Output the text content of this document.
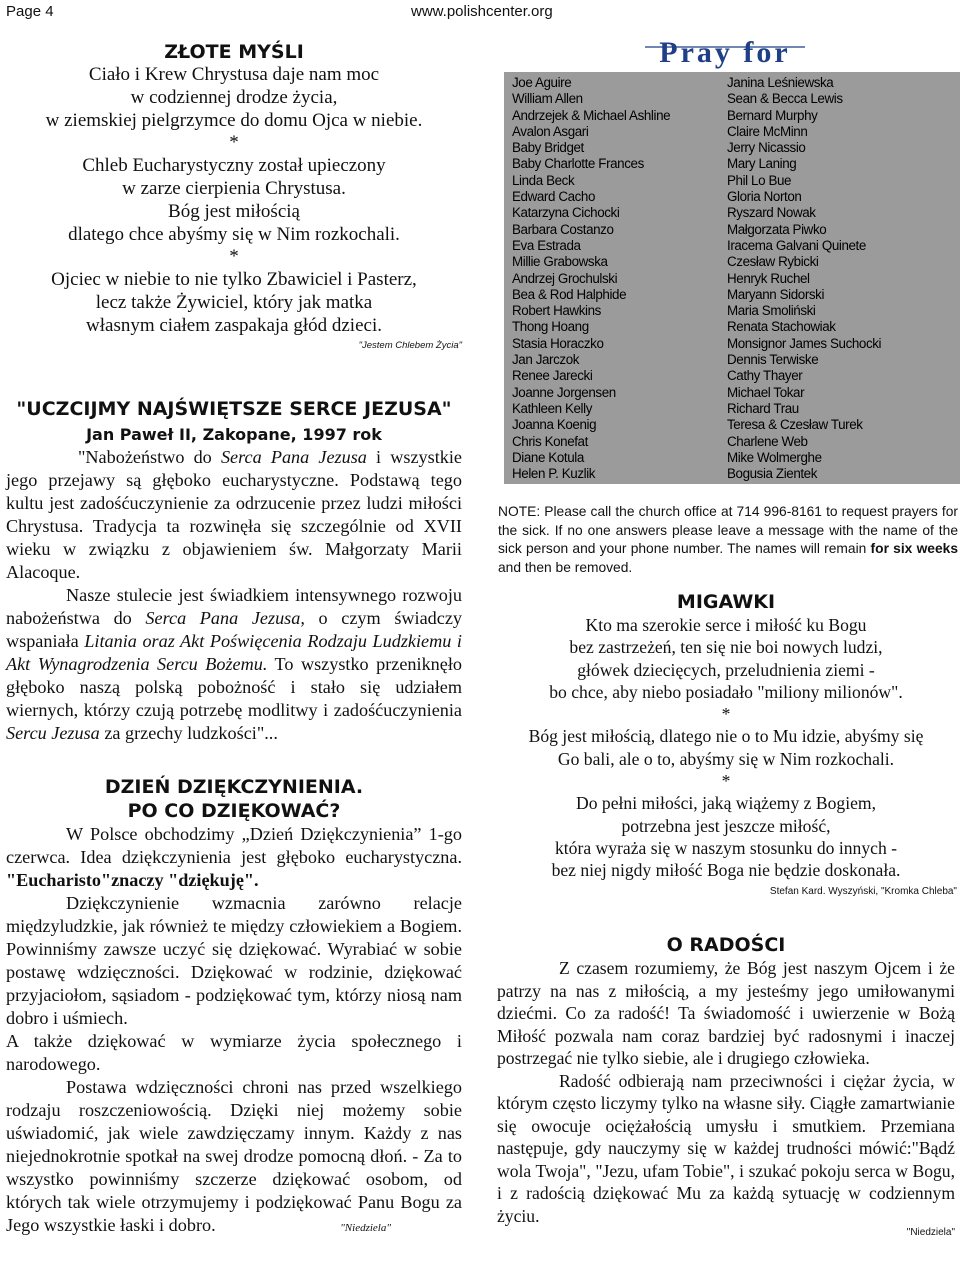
Page 4	www.polishcenter.org

ZŁOTE MYŚLI

Ciało i Krew Chrystusa daje nam moc

w codziennej drodze życia,

w ziemskiej pielgrzymce do domu Ojca w niebie.

*

Chleb Eucharystyczny został upieczony

w zarze cierpienia Chrystusa.

Bóg jest miłością

dlatego chce abyśmy się w Nim rozkochali.

*

Ojciec w niebie to nie tylko Zbawiciel i Pasterz,

lecz także Żywiciel, który jak matka

własnym ciałem zaspakaja głód dzieci.

"Jestem Chlebem Życia"

"UCZCIJMY NAJŚWIĘTSZE SERCE JEZUSA"

Jan Paweł II, Zakopane, 1997 rok

"Nabożeństwo do Serca Pana Jezusa i wszystkie jego przejawy są głęboko eucharystyczne. Podstawą tego kultu jest zadośćuczynienie za odrzucenie przez ludzi miłości Chrystusa. Tradycja ta rozwinęła się szczególnie od XVII wieku w związku z objawieniem św. Małgorzaty Marii Alacoque.

Nasze stulecie jest świadkiem intensywnego rozwoju nabożeństwa do Serca Pana Jezusa, o czym świadczy wspaniała Litania oraz Akt Poświęcenia Rodzaju Ludzkiemu i Akt Wynagrodzenia Sercu Bożemu. To wszystko przeniknęło głęboko naszą polską pobożność i stało się udziałem wiernych, którzy czują potrzebę modlitwy i zadośćuczynienia Sercu Jezusa za grzechy ludzkości"...

DZIEŃ DZIĘKCZYNIENIA.

PO CO DZIĘKOWAĆ?

W Polsce obchodzimy „Dzień Dziękczynienia” 1-go czerwca. Idea dziękczynienia jest głęboko eucharystyczna. "Eucharisto"znaczy "dziękuję".

Dziękczynienie wzmacnia zarówno relacje międzyludzkie, jak również te między człowiekiem a Bogiem. Powinniśmy zawsze uczyć się dziękować. Wyrabiać w sobie postawę wdzięczności. Dziękować w rodzinie, dziękować przyjaciołom, sąsiadom - podziękować tym, którzy niosą nam dobro i uśmiech.

A także dziękować w wymiarze życia społecznego i narodowego.

Postawa wdzięczności chroni nas przed wszelkiego rodzaju roszczeniowością. Dzięki niej możemy sobie uświadomić, jak wiele zawdzięczamy innym. Każdy z nas niejednokrotnie spotkał na swej drodze pomocną dłoń. - Za to wszystko powinniśmy szczerze dziękować osobom, od których tak wiele otrzymujemy i podziękować Panu Bogu za Jego wszystkie łaski i dobro.	"Niedziela"

Pray for
Joe Aguire
William Allen
Andrzejek & Michael Ashline
Avalon Asgari
Baby Bridget
Baby Charlotte Frances
Linda Beck
Edward Cacho
Katarzyna Cichocki
Barbara Costanzo
Eva Estrada
Millie Grabowska
Andrzej Grochulski
Bea & Rod Halphide
Robert Hawkins
Thong Hoang
Stasia Horaczko
Jan Jarczok
Renee Jarecki
Joanne Jorgensen
Kathleen Kelly
Joanna Koenig
Chris Konefat
Diane Kotula
Helen P. Kuzlik
Janina Leśniewska
Sean & Becca Lewis
Bernard Murphy
Claire McMinn
Jerry Nicassio
Mary Laning
Phil Lo Bue
Gloria Norton
Ryszard Nowak
Małgorzata Piwko
Iracema Galvani Quinete
Czesław Rybicki
Henryk Ruchel
Maryann Sidorski
Maria Smoliński
Renata Stachowiak
Monsignor James Suchocki
Dennis Terwiske
Cathy Thayer
Michael Tokar
Richard Trau
Teresa & Czesław Turek
Charlene Web
Mike Wolmerghe
Bogusia Zientek
NOTE: Please call the church office at 714 996-8161 to request prayers for the sick. If no one answers please leave a message with the name of the sick person and your phone number. The names will remain for six weeks and then be removed.

MIGAWKI

Kto ma szerokie serce i miłość ku Bogu

bez zastrzeżeń, ten się nie boi nowych ludzi,

główek dziecięcych, przeludnienia ziemi -

bo chce, aby niebo posiadało "miliony milionów".

*

Bóg jest miłością, dlatego nie o to Mu idzie, abyśmy się

Go bali, ale o to, abyśmy się w Nim rozkochali.

*

Do pełni miłości, jaką wiążemy z Bogiem,

potrzebna jest jeszcze miłość,

która wyraża się w naszym stosunku do innych -

bez niej nigdy miłość Boga nie będzie doskonała.

Stefan Kard. Wyszyński, "Kromka Chleba"

O RADOŚCI

Z czasem rozumiemy, że Bóg jest naszym Ojcem i że patrzy na nas z miłością, a my jesteśmy jego umiłowanymi dziećmi. Co za radość! Ta świadomość i uwierzenie w Bożą Miłość pozwala nam coraz bardziej być radosnymi i inaczej postrzegać nie tylko siebie, ale i drugiego człowieka.

Radość odbierają nam przeciwności i ciężar życia, w którym często liczymy tylko na własne siły. Ciągłe zamartwianie się owocuje ociężałością umysłu i smutkiem. Przemiana następuje, gdy nauczymy się w każdej trudności mówić:"Bądź wola Twoja", "Jezu, ufam Tobie", i szukać pokoju serca w Bogu, i z radością dziękować Mu za każdą sytuację w codziennym życiu.

"Niedziela"
